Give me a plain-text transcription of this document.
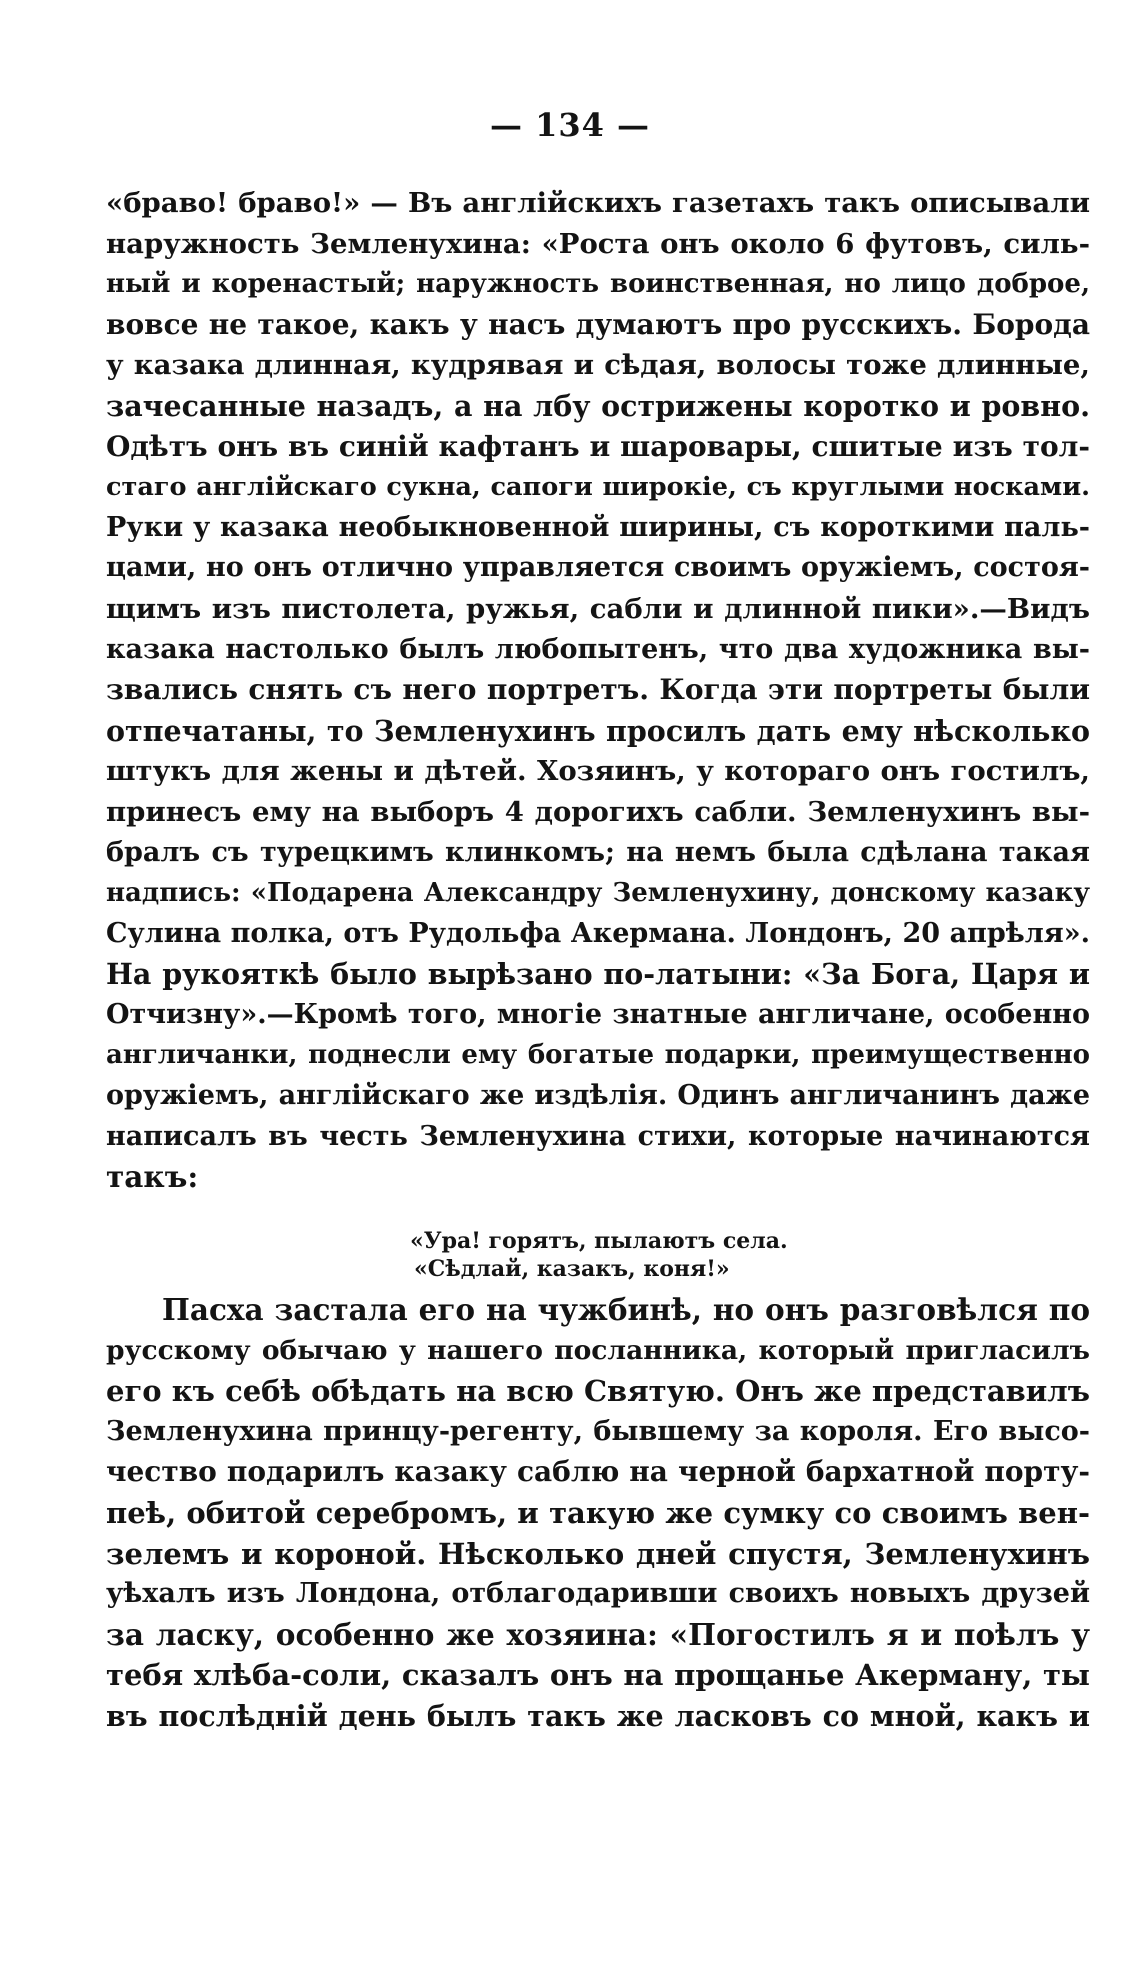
— 134 —
«браво! браво!» — Въ англійскихъ газетахъ такъ описывали
наружность Земленухина: «Роста онъ около 6 футовъ, силь-
ный и коренастый; наружность воинственная, но лицо доброе,
вовсе не такое, какъ у насъ думаютъ про русскихъ. Борода
у казака длинная, кудрявая и сѣдая, волосы тоже длинные,
зачесанные назадъ, а на лбу острижены коротко и ровно.
Одѣтъ онъ въ синій кафтанъ и шаровары, сшитые изъ тол-
стаго англійскаго сукна, сапоги широкіе, съ круглыми носками.
Руки у казака необыкновенной ширины, съ короткими паль-
цами, но онъ отлично управляется своимъ оружіемъ, состоя-
щимъ изъ пистолета, ружья, сабли и длинной пики».—Видъ
казака настолько былъ любопытенъ, что два художника вы-
звались снять съ него портретъ. Когда эти портреты были
отпечатаны, то Земленухинъ просилъ дать ему нѣсколько
штукъ для жены и дѣтей. Хозяинъ, у котораго онъ гостилъ,
принесъ ему на выборъ 4 дорогихъ сабли. Земленухинъ вы-
бралъ съ турецкимъ клинкомъ; на немъ была сдѣлана такая
надпись: «Подарена Александру Земленухину, донскому казаку
Сулина полка, отъ Рудольфа Акермана. Лондонъ, 20 апрѣля».
На рукояткѣ было вырѣзано по-латыни: «За Бога, Царя и
Отчизну».—Кромѣ того, многіе знатные англичане, особенно
англичанки, поднесли ему богатые подарки, преимущественно
оружіемъ, англійскаго же издѣлія. Одинъ англичанинъ даже
написалъ въ честь Земленухина стихи, которые начинаются
такъ:
«Ура! горятъ, пылаютъ села.
«Сѣдлай, казакъ, коня!»
Пасха застала его на чужбинѣ, но онъ разговѣлся по
русскому обычаю у нашего посланника, который пригласилъ
его къ себѣ обѣдать на всю Святую. Онъ же представилъ
Земленухина принцу-регенту, бывшему за короля. Его высо-
чество подарилъ казаку саблю на черной бархатной порту-
пеѣ, обитой серебромъ, и такую же сумку со своимъ вен-
зелемъ и короной. Нѣсколько дней спустя, Земленухинъ
уѣхалъ изъ Лондона, отблагодаривши своихъ новыхъ друзей
за ласку, особенно же хозяина: «Погостилъ я и поѣлъ у
тебя хлѣба-соли, сказалъ онъ на прощанье Акерману, ты
въ послѣдній день былъ такъ же ласковъ со мной, какъ и
